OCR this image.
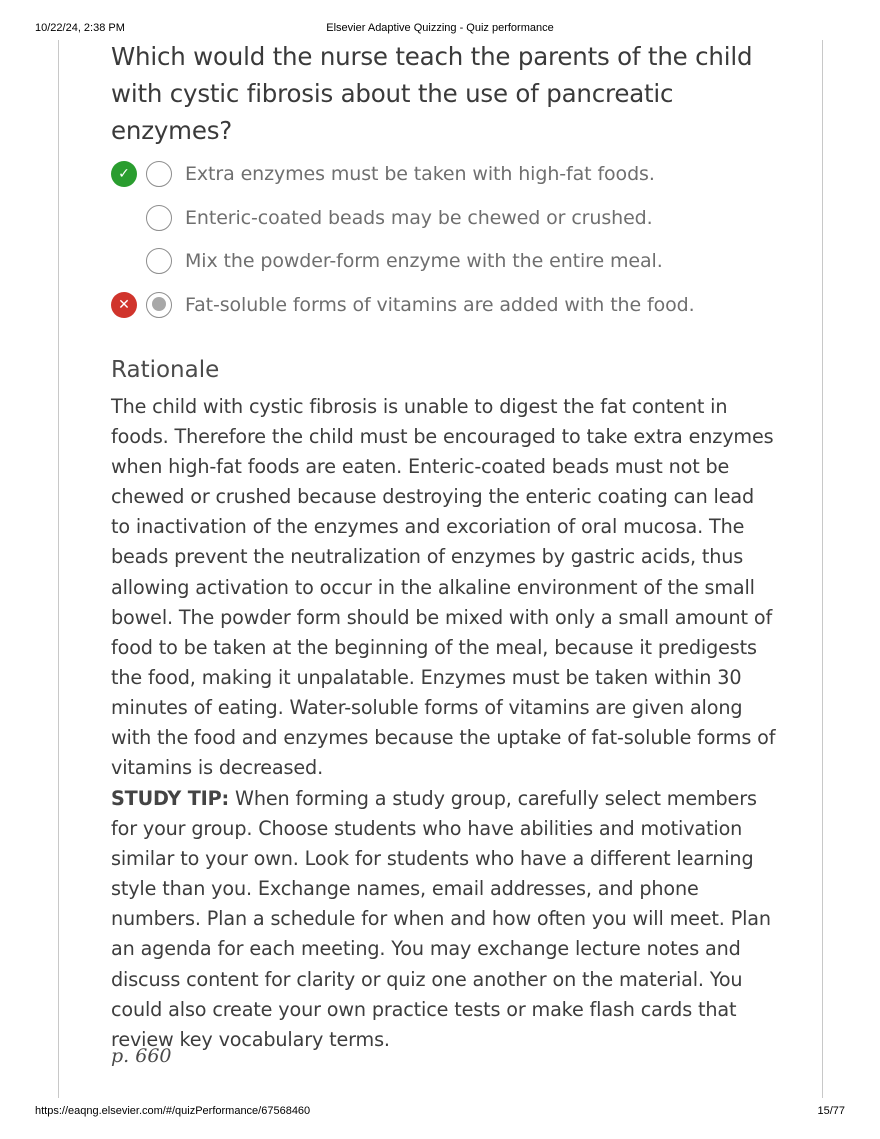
10/22/24, 2:38 PM	Elsevier Adaptive Quizzing - Quiz performance
Which would the nurse teach the parents of the child with cystic fibrosis about the use of pancreatic enzymes?
✓	Extra enzymes must be taken with high-fat foods.
Enteric-coated beads may be chewed or crushed.
Mix the powder-form enzyme with the entire meal.
✕	Fat-soluble forms of vitamins are added with the food.
Rationale
The child with cystic fibrosis is unable to digest the fat content in foods. Therefore the child must be encouraged to take extra enzymes when high-fat foods are eaten. Enteric-coated beads must not be chewed or crushed because destroying the enteric coating can lead to inactivation of the enzymes and excoriation of oral mucosa. The beads prevent the neutralization of enzymes by gastric acids, thus allowing activation to occur in the alkaline environment of the small bowel. The powder form should be mixed with only a small amount of food to be taken at the beginning of the meal, because it predigests the food, making it unpalatable. Enzymes must be taken within 30 minutes of eating. Water-soluble forms of vitamins are given along with the food and enzymes because the uptake of fat-soluble forms of vitamins is decreased.
STUDY TIP: When forming a study group, carefully select members for your group. Choose students who have abilities and motivation similar to your own. Look for students who have a different learning style than you. Exchange names, email addresses, and phone numbers. Plan a schedule for when and how often you will meet. Plan an agenda for each meeting. You may exchange lecture notes and discuss content for clarity or quiz one another on the material. You could also create your own practice tests or make flash cards that review key vocabulary terms.
p. 660
https://eaqng.elsevier.com/#/quizPerformance/67568460	15/77
